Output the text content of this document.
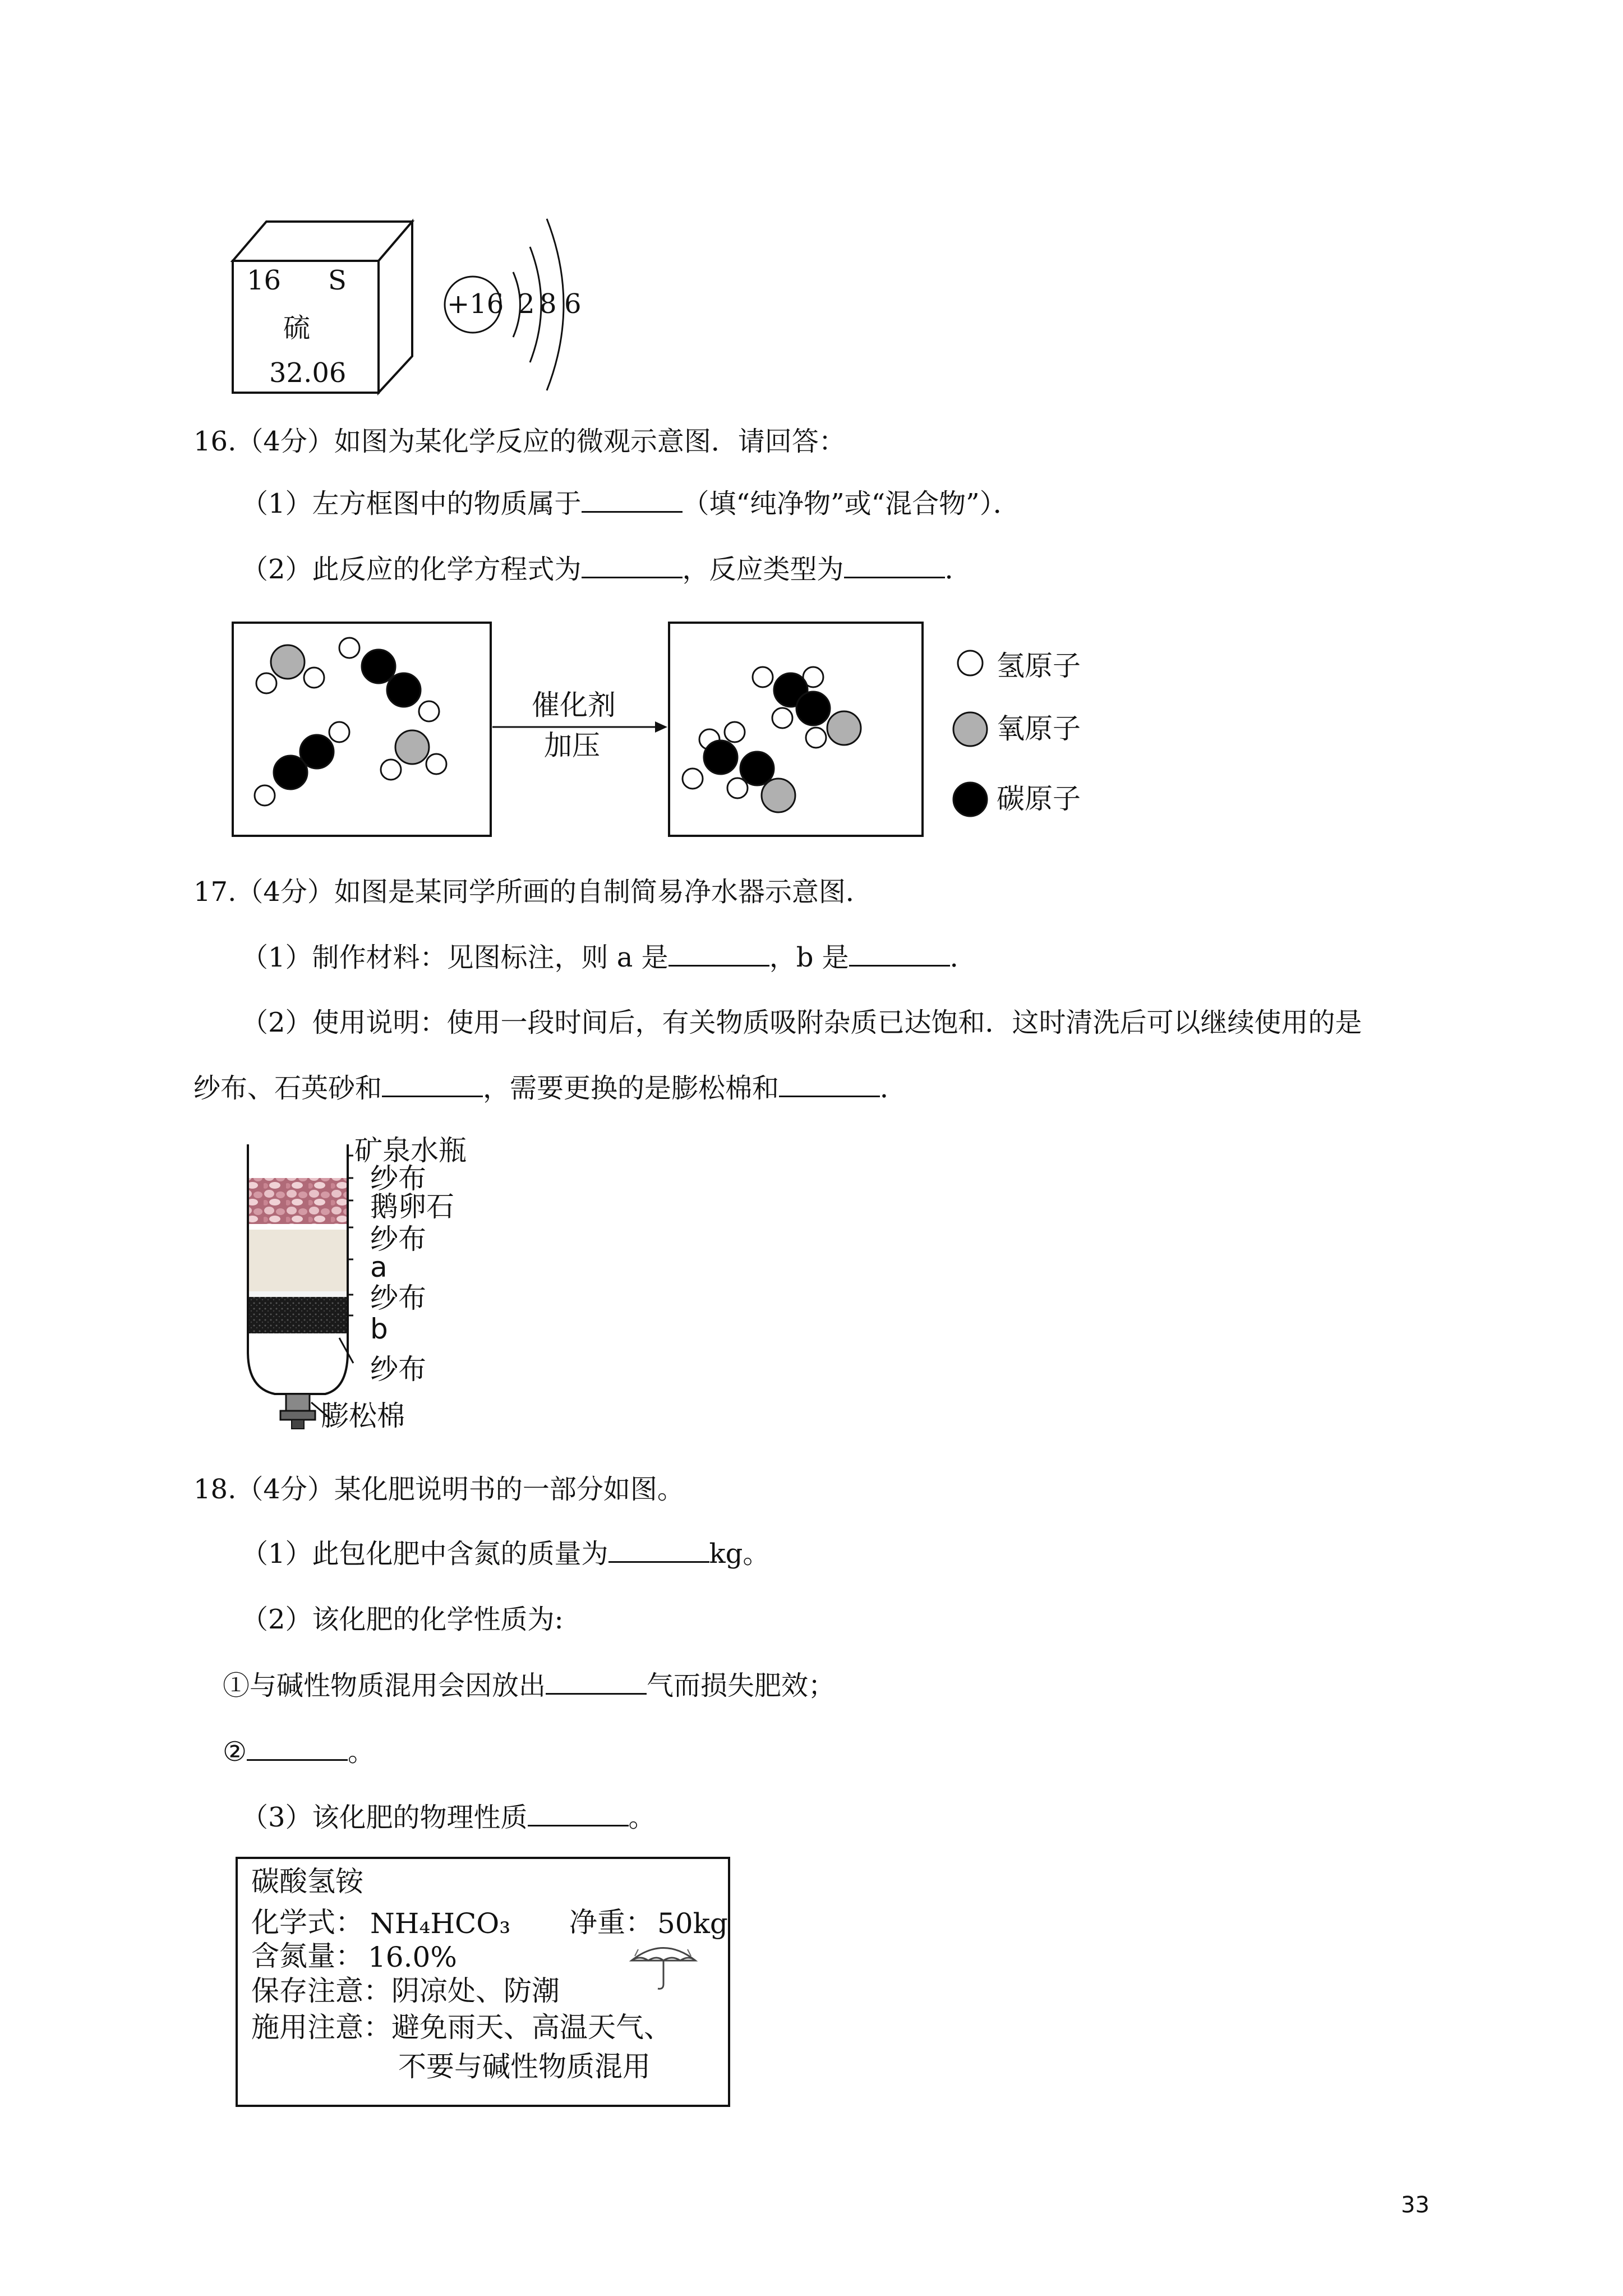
16 S
硫
32.06
+16 2 8 6
16.（4分）如图为某化学反应的微观示意图．请回答：
（1）左方框图中的物质属于	（填“纯净物”或“混合物”）．
（2）此反应的化学方程式为	，反应类型为	．
催化剂
加压
氢原子
氧原子
碳原子
17.（4分）如图是某同学所画的自制简易净水器示意图．
（1）制作材料：见图标注，则 a 是	，b 是	．
（2）使用说明：使用一段时间后，有关物质吸附杂质已达饱和．这时清洗后可以继续使用的是
纱布、石英砂和	，需要更换的是膨松棉和	．
矿泉水瓶
纱布
鹅卵石
纱布
a
纱布
b
纱布
膨松棉
18.（4分）某化肥说明书的一部分如图。
（1）此包化肥中含氮的质量为	kg。
（2）该化肥的化学性质为:
①与碱性物质混用会因放出	气而损失肥效；
②	。
（3）该化肥的物理性质	。
碳酸氢铵
化学式： NH₄HCO₃ 净重： 50kg
含氮量： 16.0%
保存注意：阴凉处、防潮
施用注意：避免雨天、高温天气、
不要与碱性物质混用
33
